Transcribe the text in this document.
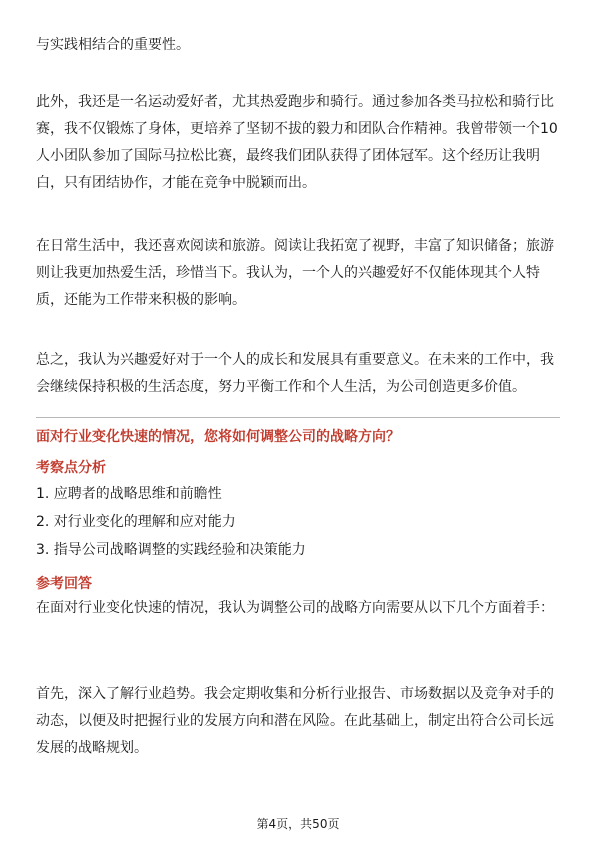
与实践相结合的重要性。

此外，我还是一名运动爱好者，尤其热爱跑步和骑行。通过参加各类马拉松和骑行比赛，我不仅锻炼了身体，更培养了坚韧不拔的毅力和团队合作精神。我曾带领一个10人小团队参加了国际马拉松比赛，最终我们团队获得了团体冠军。这个经历让我明白，只有团结协作，才能在竞争中脱颖而出。

在日常生活中，我还喜欢阅读和旅游。阅读让我拓宽了视野，丰富了知识储备；旅游则让我更加热爱生活，珍惜当下。我认为，一个人的兴趣爱好不仅能体现其个人特质，还能为工作带来积极的影响。

总之，我认为兴趣爱好对于一个人的成长和发展具有重要意义。在未来的工作中，我会继续保持积极的生活态度，努力平衡工作和个人生活，为公司创造更多价值。

面对行业变化快速的情况，您将如何调整公司的战略方向？

考察点分析

1. 应聘者的战略思维和前瞻性

2. 对行业变化的理解和应对能力

3. 指导公司战略调整的实践经验和决策能力

参考回答

在面对行业变化快速的情况，我认为调整公司的战略方向需要从以下几个方面着手：

首先，深入了解行业趋势。我会定期收集和分析行业报告、市场数据以及竞争对手的动态，以便及时把握行业的发展方向和潜在风险。在此基础上，制定出符合公司长远发展的战略规划。

第4页，共50页
